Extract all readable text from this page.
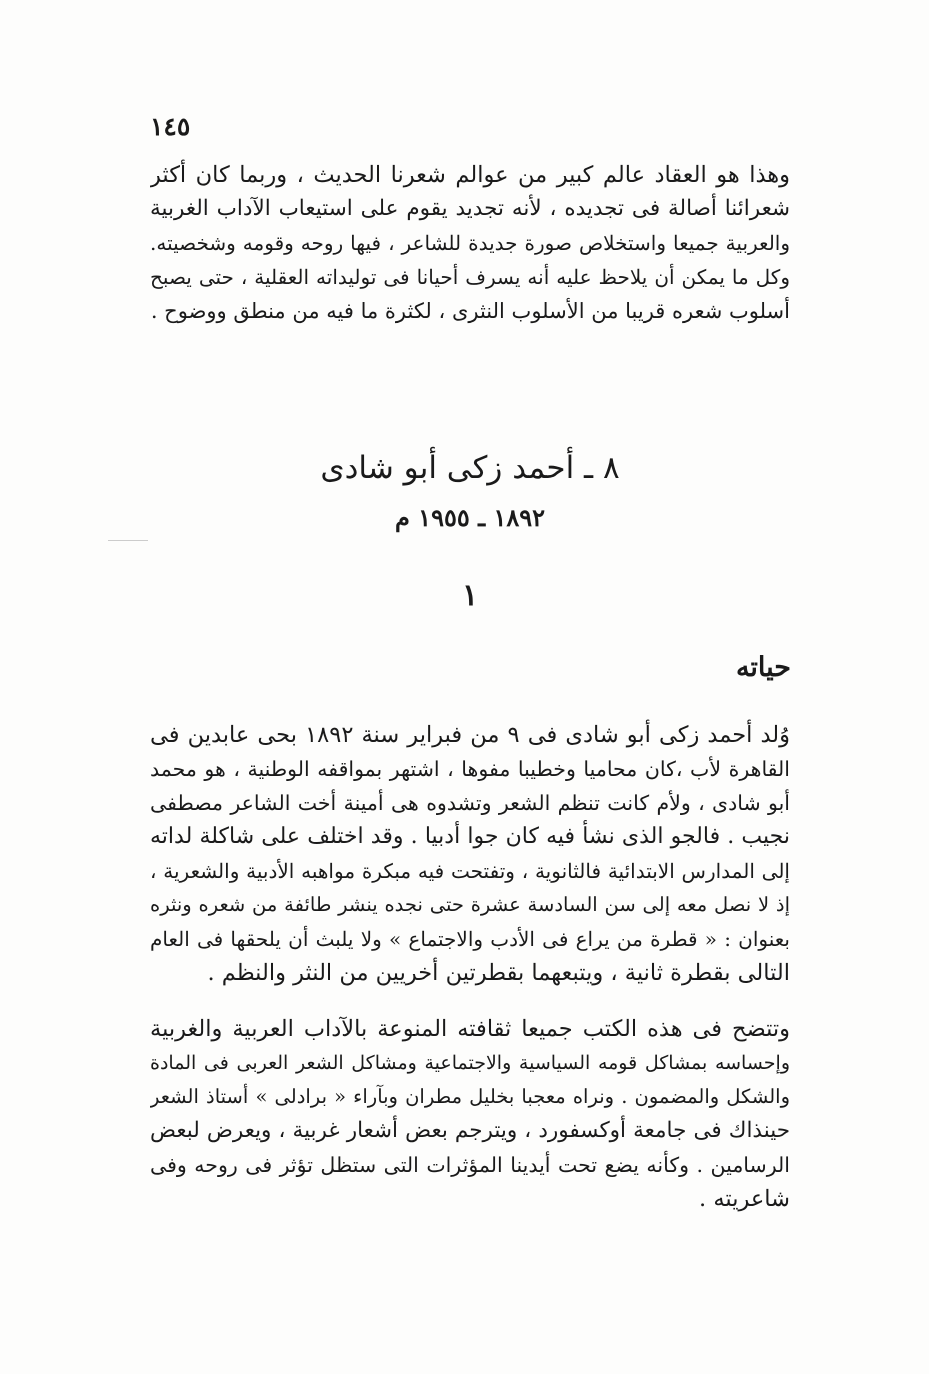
١٤٥
وهذا هو العقاد عالم كبير من عوالم شعرنا الحديث ، وربما كان أكثر
شعرائنا أصالة فى تجديده ، لأنه تجديد يقوم على استيعاب الآداب الغربية
والعربية جميعا واستخلاص صورة جديدة للشاعر ، فيها روحه وقومه وشخصيته.
وكل ما يمكن أن يلاحظ عليه أنه يسرف أحيانا فى توليداته العقلية ، حتى يصبح
أسلوب شعره قريبا من الأسلوب النثرى ، لكثرة ما فيه من منطق ووضوح .
٨ ـ أحمد زكى أبو شادى
١٨٩٢ ـ ١٩٥٥ م
١
حياته
وُلد أحمد زكى أبو شادى فى ٩ من فبراير سنة ١٨٩٢ بحى عابدين فى
القاهرة لأب ،كان محاميا وخطيبا مفوها ، اشتهر بمواقفه الوطنية ، هو محمد
أبو شادى ، ولأم كانت تنظم الشعر وتشدوه هى أمينة أخت الشاعر مصطفى
نجيب . فالجو الذى نشأ فيه كان جوا أدبيا . وقد اختلف على شاكلة لداته
إلى المدارس الابتدائية فالثانوية ، وتفتحت فيه مبكرة مواهبه الأدبية والشعرية ،
إذ لا نصل معه إلى سن السادسة عشرة حتى نجده ينشر طائفة من شعره ونثره
بعنوان : « قطرة من يراع فى الأدب والاجتماع » ولا يلبث أن يلحقها فى العام
التالى بقطرة ثانية ، ويتبعهما بقطرتين أخريين من النثر والنظم .
وتتضح فى هذه الكتب جميعا ثقافته المنوعة بالآداب العربية والغربية
وإحساسه بمشاكل قومه السياسية والاجتماعية ومشاكل الشعر العربى فى المادة
والشكل والمضمون . ونراه معجبا بخليل مطران وبآراء « برادلى » أستاذ الشعر
حينذاك فى جامعة أوكسفورد ، ويترجم بعض أشعار غربية ، ويعرض لبعض
الرسامين . وكأنه يضع تحت أيدينا المؤثرات التى ستظل تؤثر فى روحه وفى
شاعريته .
